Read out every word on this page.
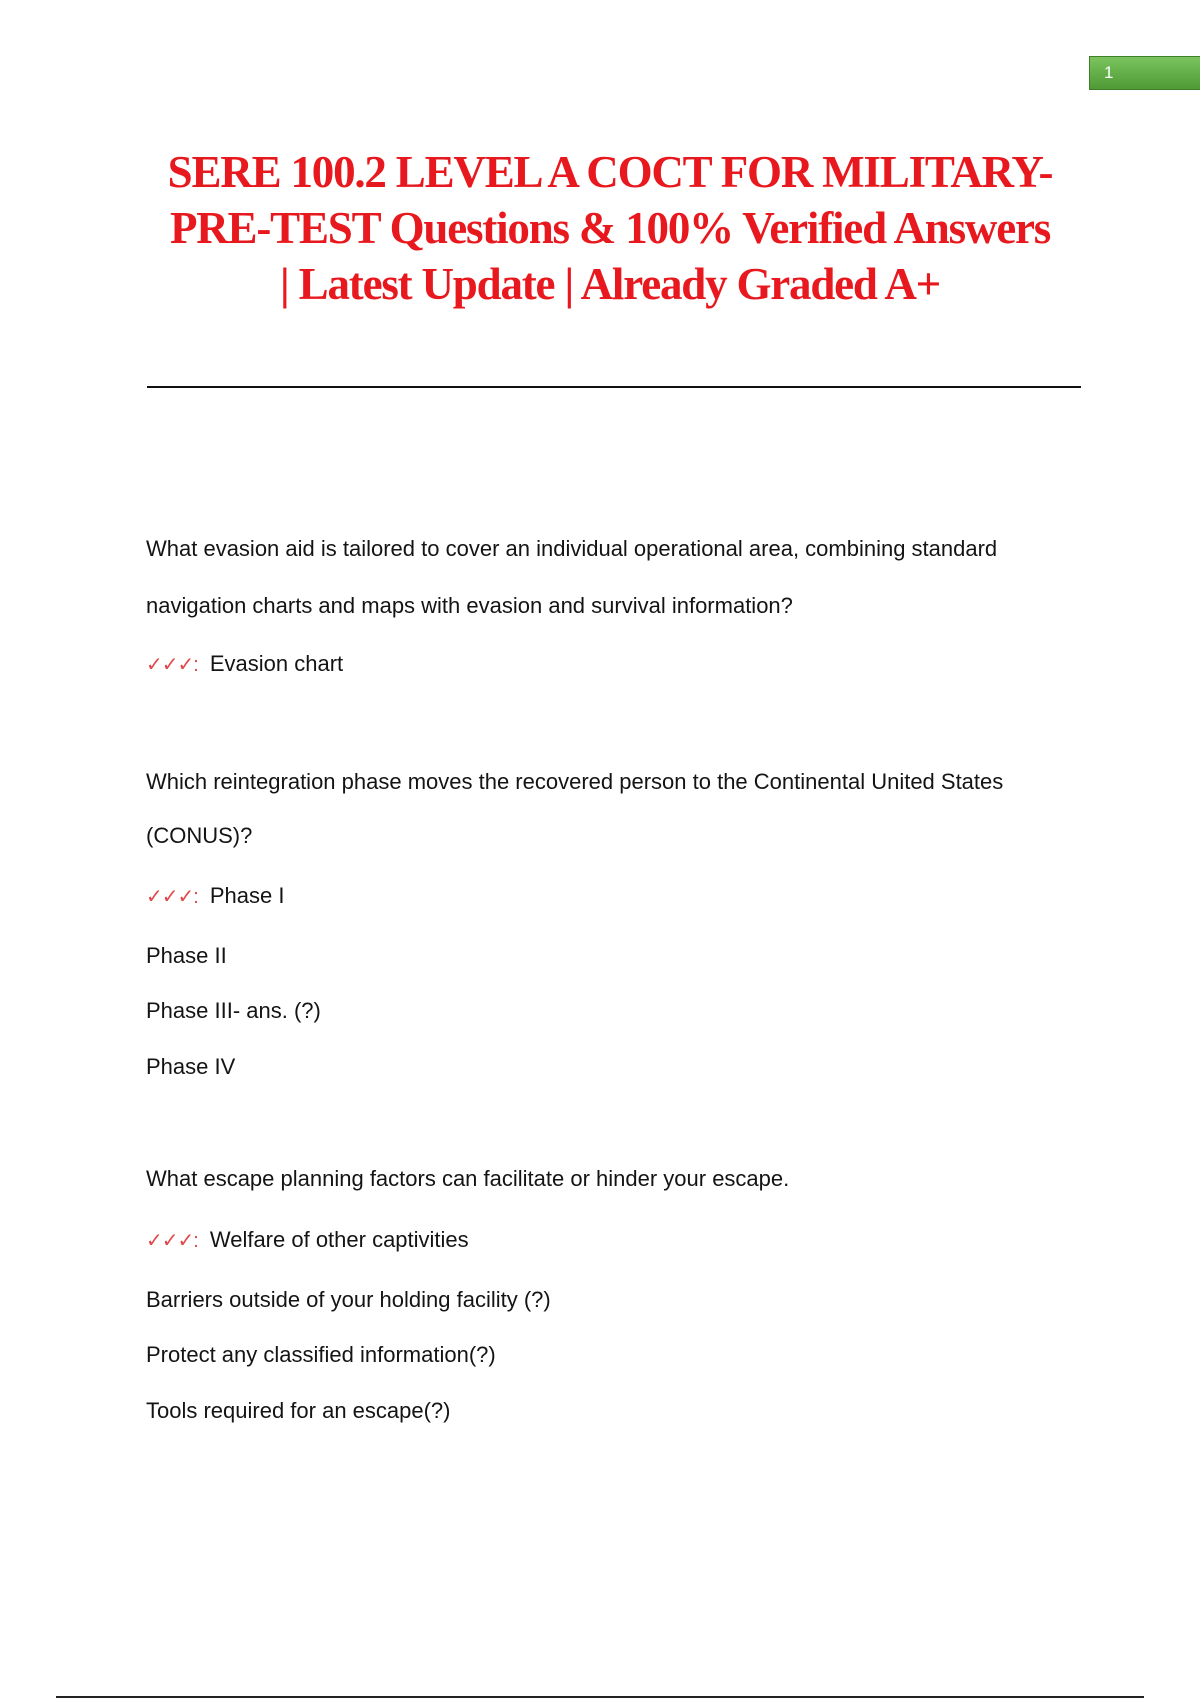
1
SERE 100.2 LEVEL A COCT FOR MILITARY-
PRE-TEST Questions & 100% Verified Answers
| Latest Update | Already Graded A+
What evasion aid is tailored to cover an individual operational area, combining standard
navigation charts and maps with evasion and survival information?
✓✓✓: Evasion chart
Which reintegration phase moves the recovered person to the Continental United States
(CONUS)?
✓✓✓: Phase I
Phase II
Phase III- ans. (?)
Phase IV
What escape planning factors can facilitate or hinder your escape.
✓✓✓: Welfare of other captivities
Barriers outside of your holding facility (?)
Protect any classified information(?)
Tools required for an escape(?)
